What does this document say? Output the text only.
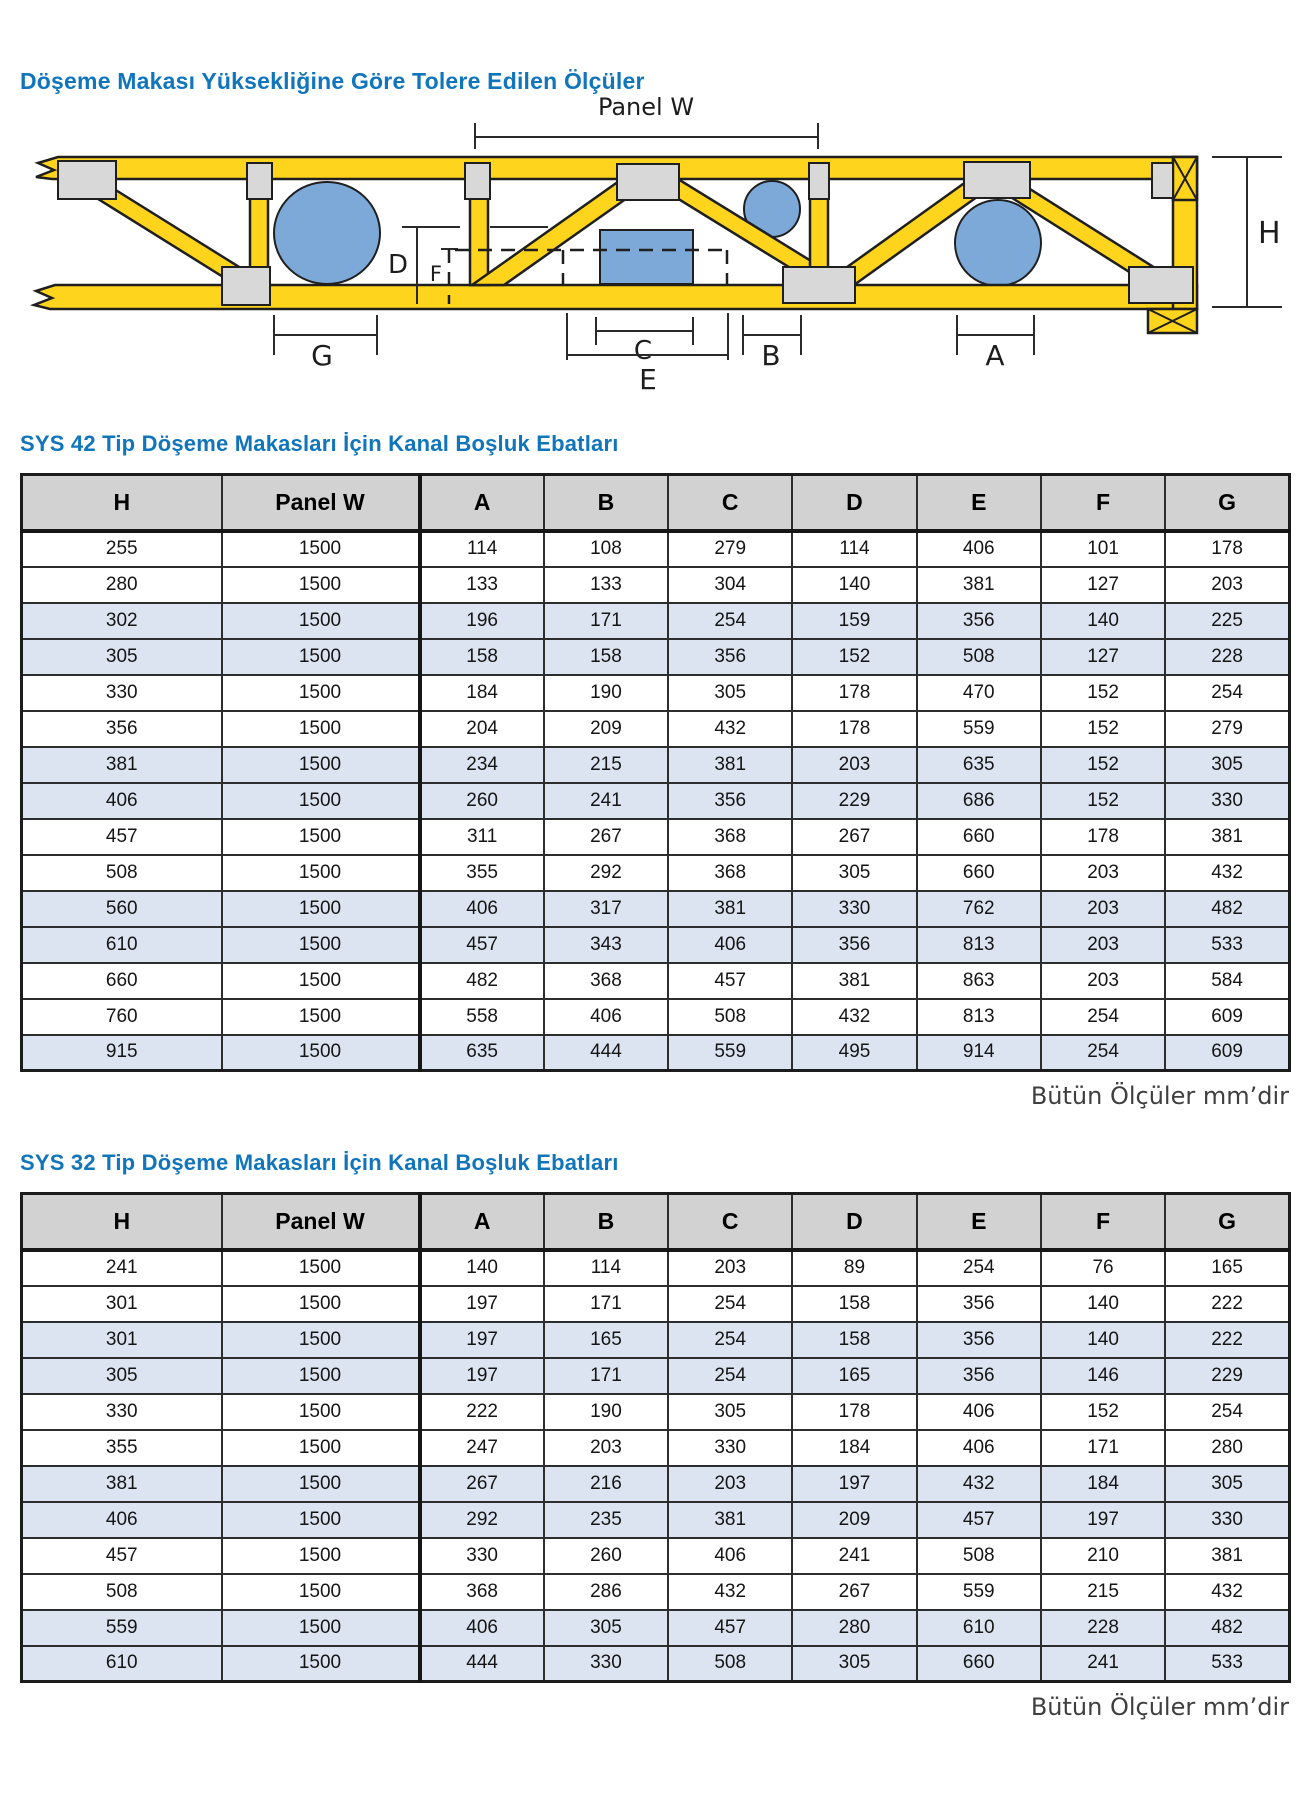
Döşeme Makası Yüksekliğine Göre Tolere Edilen Ölçüler
Panel W
D F
H
G	C
E
B	A
SYS 42 Tip Döşeme Makasları İçin Kanal Boşluk Ebatları
H	Panel W	A	B	C	D	E	F	G
255	1500	114	108	279	114	406	101	178
280	1500	133	133	304	140	381	127	203
302	1500	196	171	254	159	356	140	225
305	1500	158	158	356	152	508	127	228
330	1500	184	190	305	178	470	152	254
356	1500	204	209	432	178	559	152	279
381	1500	234	215	381	203	635	152	305
406	1500	260	241	356	229	686	152	330
457	1500	311	267	368	267	660	178	381
508	1500	355	292	368	305	660	203	432
560	1500	406	317	381	330	762	203	482
610	1500	457	343	406	356	813	203	533
660	1500	482	368	457	381	863	203	584
760	1500	558	406	508	432	813	254	609
915	1500	635	444	559	495	914	254	609
Bütün Ölçüler mm’dir
SYS 32 Tip Döşeme Makasları İçin Kanal Boşluk Ebatları
H	Panel W	A	B	C	D	E	F	G
241	1500	140	114	203	89	254	76	165
301	1500	197	171	254	158	356	140	222
301	1500	197	165	254	158	356	140	222
305	1500	197	171	254	165	356	146	229
330	1500	222	190	305	178	406	152	254
355	1500	247	203	330	184	406	171	280
381	1500	267	216	203	197	432	184	305
406	1500	292	235	381	209	457	197	330
457	1500	330	260	406	241	508	210	381
508	1500	368	286	432	267	559	215	432
559	1500	406	305	457	280	610	228	482
610	1500	444	330	508	305	660	241	533
Bütün Ölçüler mm’dir
